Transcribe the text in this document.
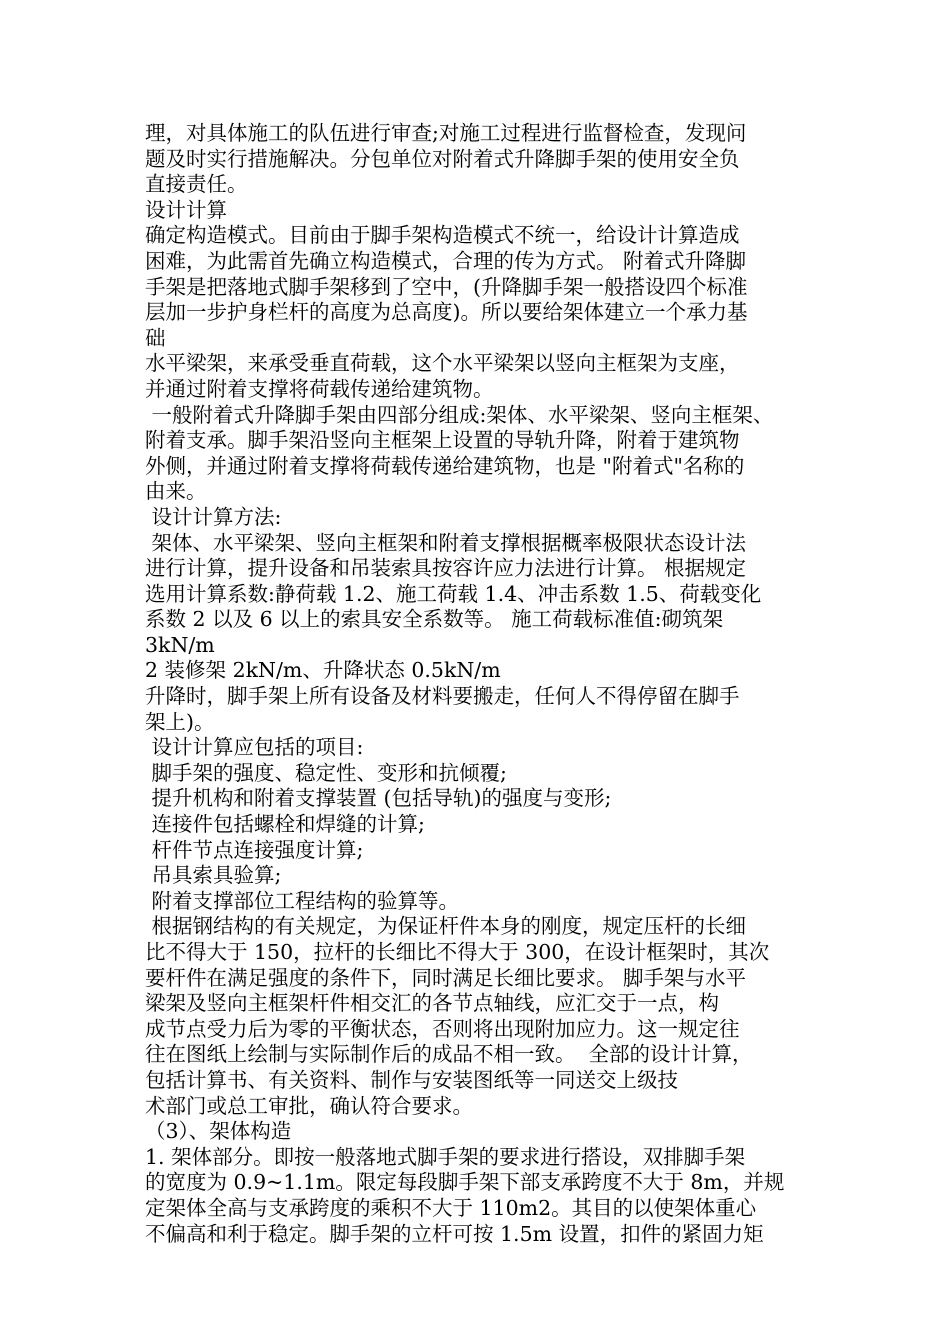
理，对具体施工的队伍进行审查;对施工过程进行监督检查，发现问
题及时实行措施解决。分包单位对附着式升降脚手架的使用安全负
直接责任。
设计计算
确定构造模式。目前由于脚手架构造模式不统一，给设计计算造成
困难，为此需首先确立构造模式，合理的传为方式。 附着式升降脚
手架是把落地式脚手架移到了空中，(升降脚手架一般搭设四个标准
层加一步护身栏杆的高度为总高度)。所以要给架体建立一个承力基
础
水平梁架，来承受垂直荷载，这个水平梁架以竖向主框架为支座，
并通过附着支撑将荷载传递给建筑物。
一般附着式升降脚手架由四部分组成:架体、水平梁架、竖向主框架、
附着支承。脚手架沿竖向主框架上设置的导轨升降，附着于建筑物
外侧，并通过附着支撑将荷载传递给建筑物，也是 "附着式"名称的
由来。
设计计算方法:
架体、水平梁架、竖向主框架和附着支撑根据概率极限状态设计法
进行计算，提升设备和吊装索具按容许应力法进行计算。 根据规定
选用计算系数:静荷载 1.2、施工荷载 1.4、冲击系数 1.5、荷载变化
系数 2 以及 6 以上的索具安全系数等。 施工荷载标准值:砌筑架
3kN/m
2 装修架 2kN/m、升降状态 0.5kN/m
升降时，脚手架上所有设备及材料要搬走，任何人不得停留在脚手
架上)。
设计计算应包括的项目:
脚手架的强度、稳定性、变形和抗倾覆;
提升机构和附着支撑装置 (包括导轨)的强度与变形;
连接件包括螺栓和焊缝的计算;
杆件节点连接强度计算;
吊具索具验算;
附着支撑部位工程结构的验算等。
根据钢结构的有关规定，为保证杆件本身的刚度，规定压杆的长细
比不得大于 150，拉杆的长细比不得大于 300，在设计框架时，其次
要杆件在满足强度的条件下，同时满足长细比要求。 脚手架与水平
梁架及竖向主框架杆件相交汇的各节点轴线，应汇交于一点，构
成节点受力后为零的平衡状态，否则将出现附加应力。这一规定往
往在图纸上绘制与实际制作后的成品不相一致。  全部的设计计算，
包括计算书、有关资料、制作与安装图纸等一同送交上级技
术部门或总工审批，确认符合要求。
（3）、架体构造
1. 架体部分。即按一般落地式脚手架的要求进行搭设，双排脚手架
的宽度为 0.9~1.1m。限定每段脚手架下部支承跨度不大于 8m，并规
定架体全高与支承跨度的乘积不大于 110m2。其目的以使架体重心
不偏高和利于稳定。脚手架的立杆可按 1.5m 设置，扣件的紧固力矩
